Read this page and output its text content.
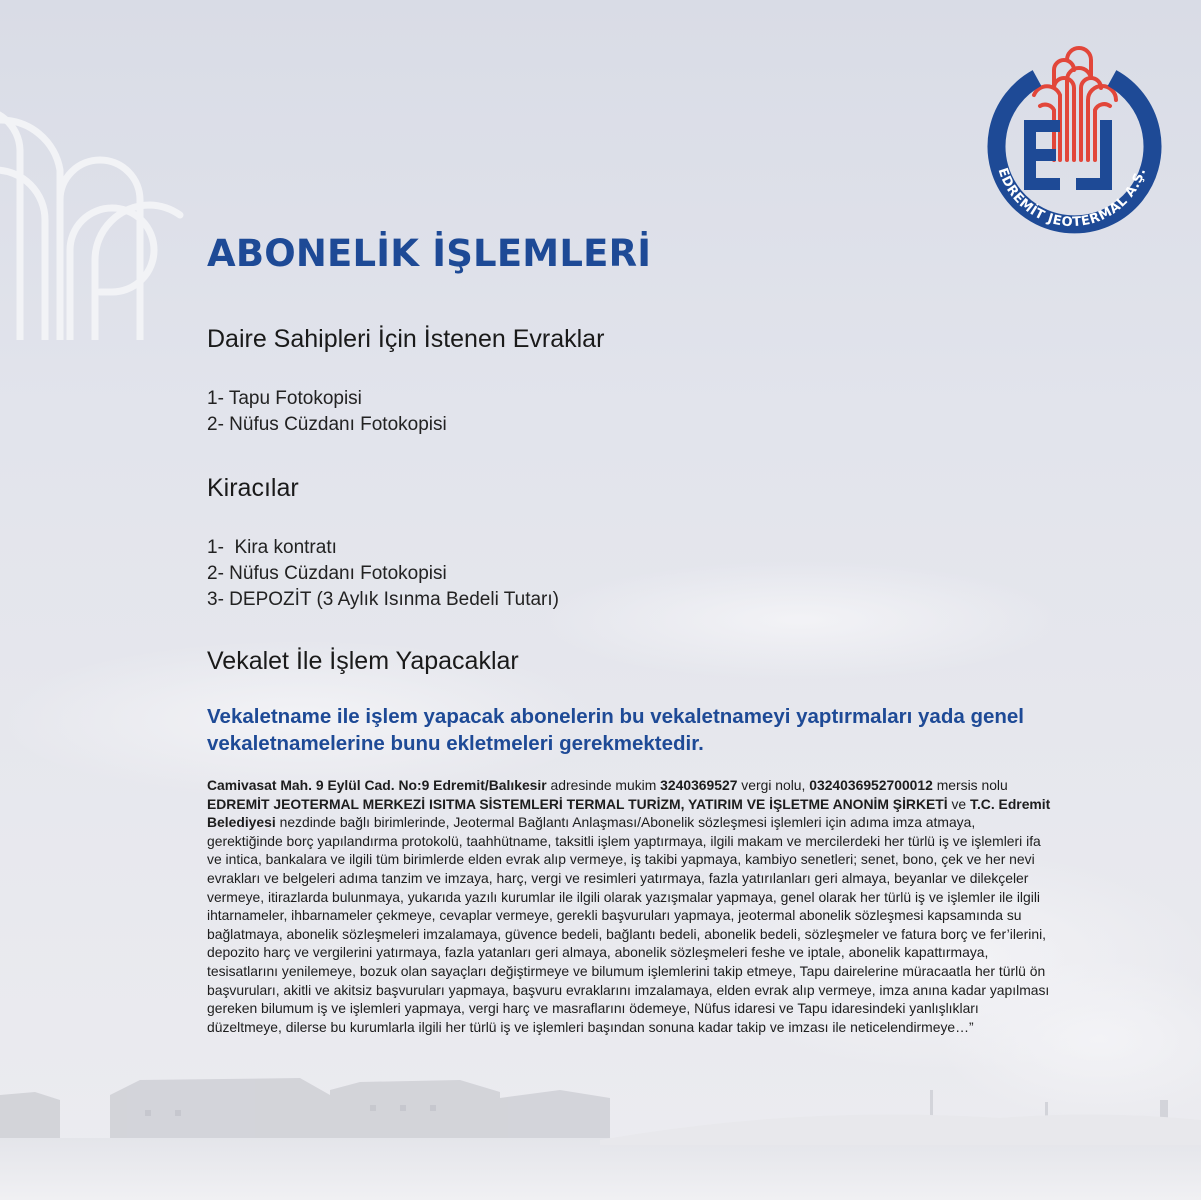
EDREMİT JEOTERMAL A.Ş.
ABONELİK İŞLEMLERİ
Daire Sahipleri İçin İstenen Evraklar
1- Tapu Fotokopisi
2- Nüfus Cüzdanı Fotokopisi
Kiracılar
1-  Kira kontratı
2- Nüfus Cüzdanı Fotokopisi
3- DEPOZİT (3 Aylık Isınma Bedeli Tutarı)
Vekalet İle İşlem Yapacaklar
Vekaletname ile işlem yapacak abonelerin bu vekaletnameyi yaptırmaları yada genel vekaletnamelerine bunu ekletmeleri gerekmektedir.
Camivasat Mah. 9 Eylül Cad. No:9 Edremit/Balıkesir adresinde mukim 3240369527 vergi nolu, 0324036952700012 mersis nolu EDREMİT JEOTERMAL MERKEZİ ISITMA SİSTEMLERİ TERMAL TURİZM, YATIRIM VE İŞLETME ANONİM ŞİRKETİ ve T.C. Edremit Belediyesi nezdinde bağlı birimlerinde, Jeotermal Bağlantı Anlaşması/Abonelik sözleşmesi işlemleri için adıma imza atmaya, gerektiğinde borç yapılandırma protokolü, taahhütname, taksitli işlem yaptırmaya, ilgili makam ve mercilerdeki her türlü iş ve işlemleri ifa ve intica, bankalara ve ilgili tüm birimlerde elden evrak alıp vermeye, iş takibi yapmaya, kambiyo senetleri; senet, bono, çek ve her nevi evrakları ve belgeleri adıma tanzim ve imzaya, harç, vergi ve resimleri yatırmaya, fazla yatırılanları geri almaya, beyanlar ve dilekçeler vermeye, itirazlarda bulunmaya, yukarıda yazılı kurumlar ile ilgili olarak yazışmalar yapmaya, genel olarak her türlü iş ve işlemler ile ilgili ihtarnameler, ihbarnameler çekmeye, cevaplar vermeye, gerekli başvuruları yapmaya, jeotermal abonelik sözleşmesi kapsamında su bağlatmaya, abonelik sözleşmeleri imzalamaya, güvence bedeli, bağlantı bedeli, abonelik bedeli, sözleşmeler ve fatura borç ve fer’ilerini, depozito harç ve vergilerini yatırmaya, fazla yatanları geri almaya, abonelik sözleşmeleri feshe ve iptale, abonelik kapattırmaya, tesisatlarını yenilemeye, bozuk olan sayaçları değiştirmeye ve bilumum işlemlerini takip etmeye, Tapu dairelerine müracaatla her türlü ön başvuruları, akitli ve akitsiz başvuruları yapmaya, başvuru evraklarını imzalamaya, elden evrak alıp vermeye, imza anına kadar yapılması gereken bilumum iş ve işlemleri yapmaya, vergi harç ve masraflarını ödemeye, Nüfus idaresi ve Tapu idaresindeki yanlışlıkları düzeltmeye, dilerse bu kurumlarla ilgili her türlü iş ve işlemleri başından sonuna kadar takip ve imzası ile neticelendirmeye…”
